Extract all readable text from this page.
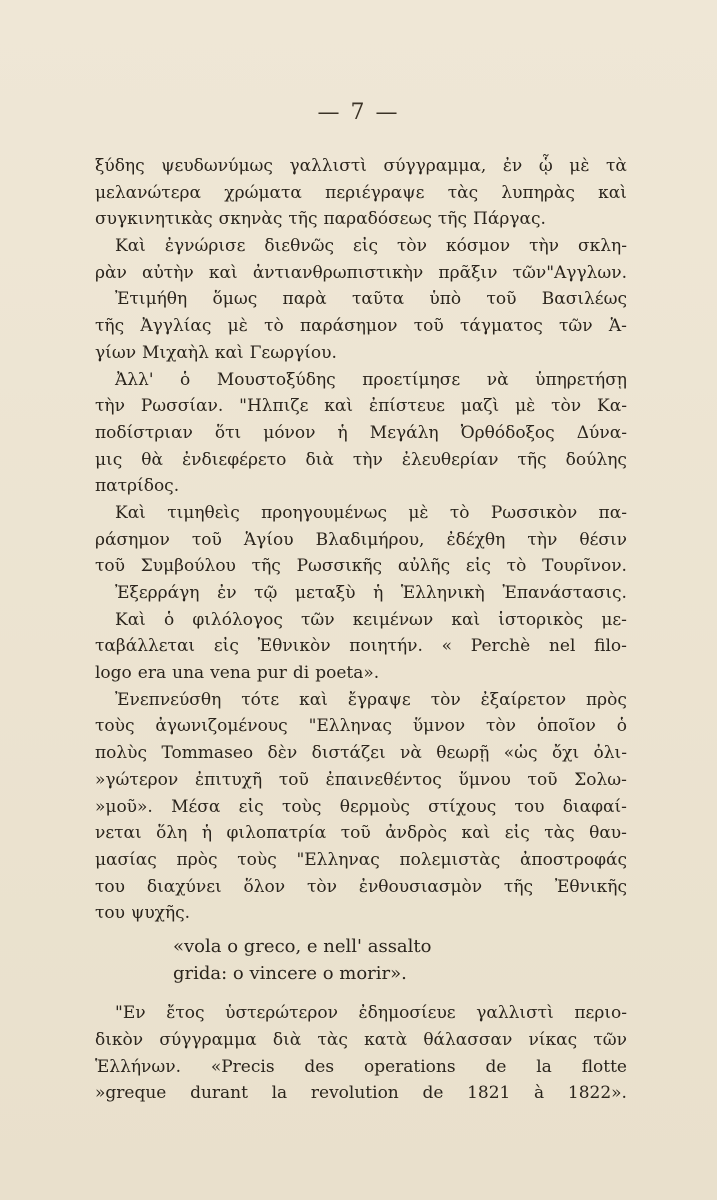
— 7 —
ξύδης ψευδωνύμως γαλλιστὶ σύγγραμμα, ἐν ᾧ μὲ τὰ
μελανώτερα χρώματα περιέγραψε τὰς λυπηρὰς καὶ
συγκινητικὰς σκηνὰς τῆς παραδόσεως τῆς Πάργας.
Καὶ ἐγνώρισε διεθνῶς εἰς τὸν κόσμον τὴν σκλη-
ρὰν αὐτὴν καὶ ἀντιανθρωπιστικὴν πρᾶξιν τῶν"Αγγλων.
Ἐτιμήθη ὅμως παρὰ ταῦτα ὑπὸ τοῦ Βασιλέως
τῆς Ἀγγλίας μὲ τὸ παράσημον τοῦ τάγματος τῶν Ἁ-
γίων Μιχαὴλ καὶ Γεωργίου.
Ἀλλ' ὁ Μουστοξύδης προετίμησε νὰ ὑπηρετήσῃ
τὴν Ρωσσίαν. "Ηλπιζε καὶ ἐπίστευε μαζὶ μὲ τὸν Κα-
ποδίστριαν ὅτι μόνον ἡ Μεγάλη Ὀρθόδοξος Δύνα-
μις θὰ ἐνδιεφέρετο διὰ τὴν ἐλευθερίαν τῆς δούλης
πατρίδος.
Καὶ τιμηθεὶς προηγουμένως μὲ τὸ Ρωσσικὸν πα-
ράσημον τοῦ Ἁγίου Βλαδιμήρου, ἐδέχθη τὴν θέσιν
τοῦ Συμβούλου τῆς Ρωσσικῆς αὐλῆς εἰς τὸ Τουρῖνον.
Ἐξερράγη ἐν τῷ μεταξὺ ἡ Ἑλληνικὴ Ἐπανάστασις.
Καὶ ὁ φιλόλογος τῶν κειμένων καὶ ἱστορικὸς με-
ταβάλλεται εἰς Ἐθνικὸν ποιητήν. « Perchè nel filo-
logo era una vena pur di poeta».
Ἐνεπνεύσθη τότε καὶ ἔγραψε τὸν ἐξαίρετον πρὸς
τοὺς ἀγωνιζομένους "Ελληνας ὕμνον τὸν ὁποῖον ὁ
πολὺς Tommaseo δὲν διστάζει νὰ θεωρῇ «ὡς ὄχι ὀλι-
»γώτερον ἐπιτυχῆ τοῦ ἐπαινεθέντος ὕμνου τοῦ Σολω-
»μοῦ». Μέσα εἰς τοὺς θερμοὺς στίχους του διαφαί-
νεται ὅλη ἡ φιλοπατρία τοῦ ἀνδρὸς καὶ εἰς τὰς θαυ-
μασίας πρὸς τοὺς "Ελληνας πολεμιστὰς ἀποστροφάς
του διαχύνει ὅλον τὸν ἐνθουσιασμὸν τῆς Ἐθνικῆς
του ψυχῆς.
«vola o greco, e nell' assalto
grida: o vincere o morir».
"Εν ἔτος ὑστερώτερον ἐδημοσίευε γαλλιστὶ περιο-
δικὸν σύγγραμμα διὰ τὰς κατὰ θάλασσαν νίκας τῶν
Ἑλλήνων. «Precis des operations de la flotte
»greque durant la revolution de 1821 à 1822».
